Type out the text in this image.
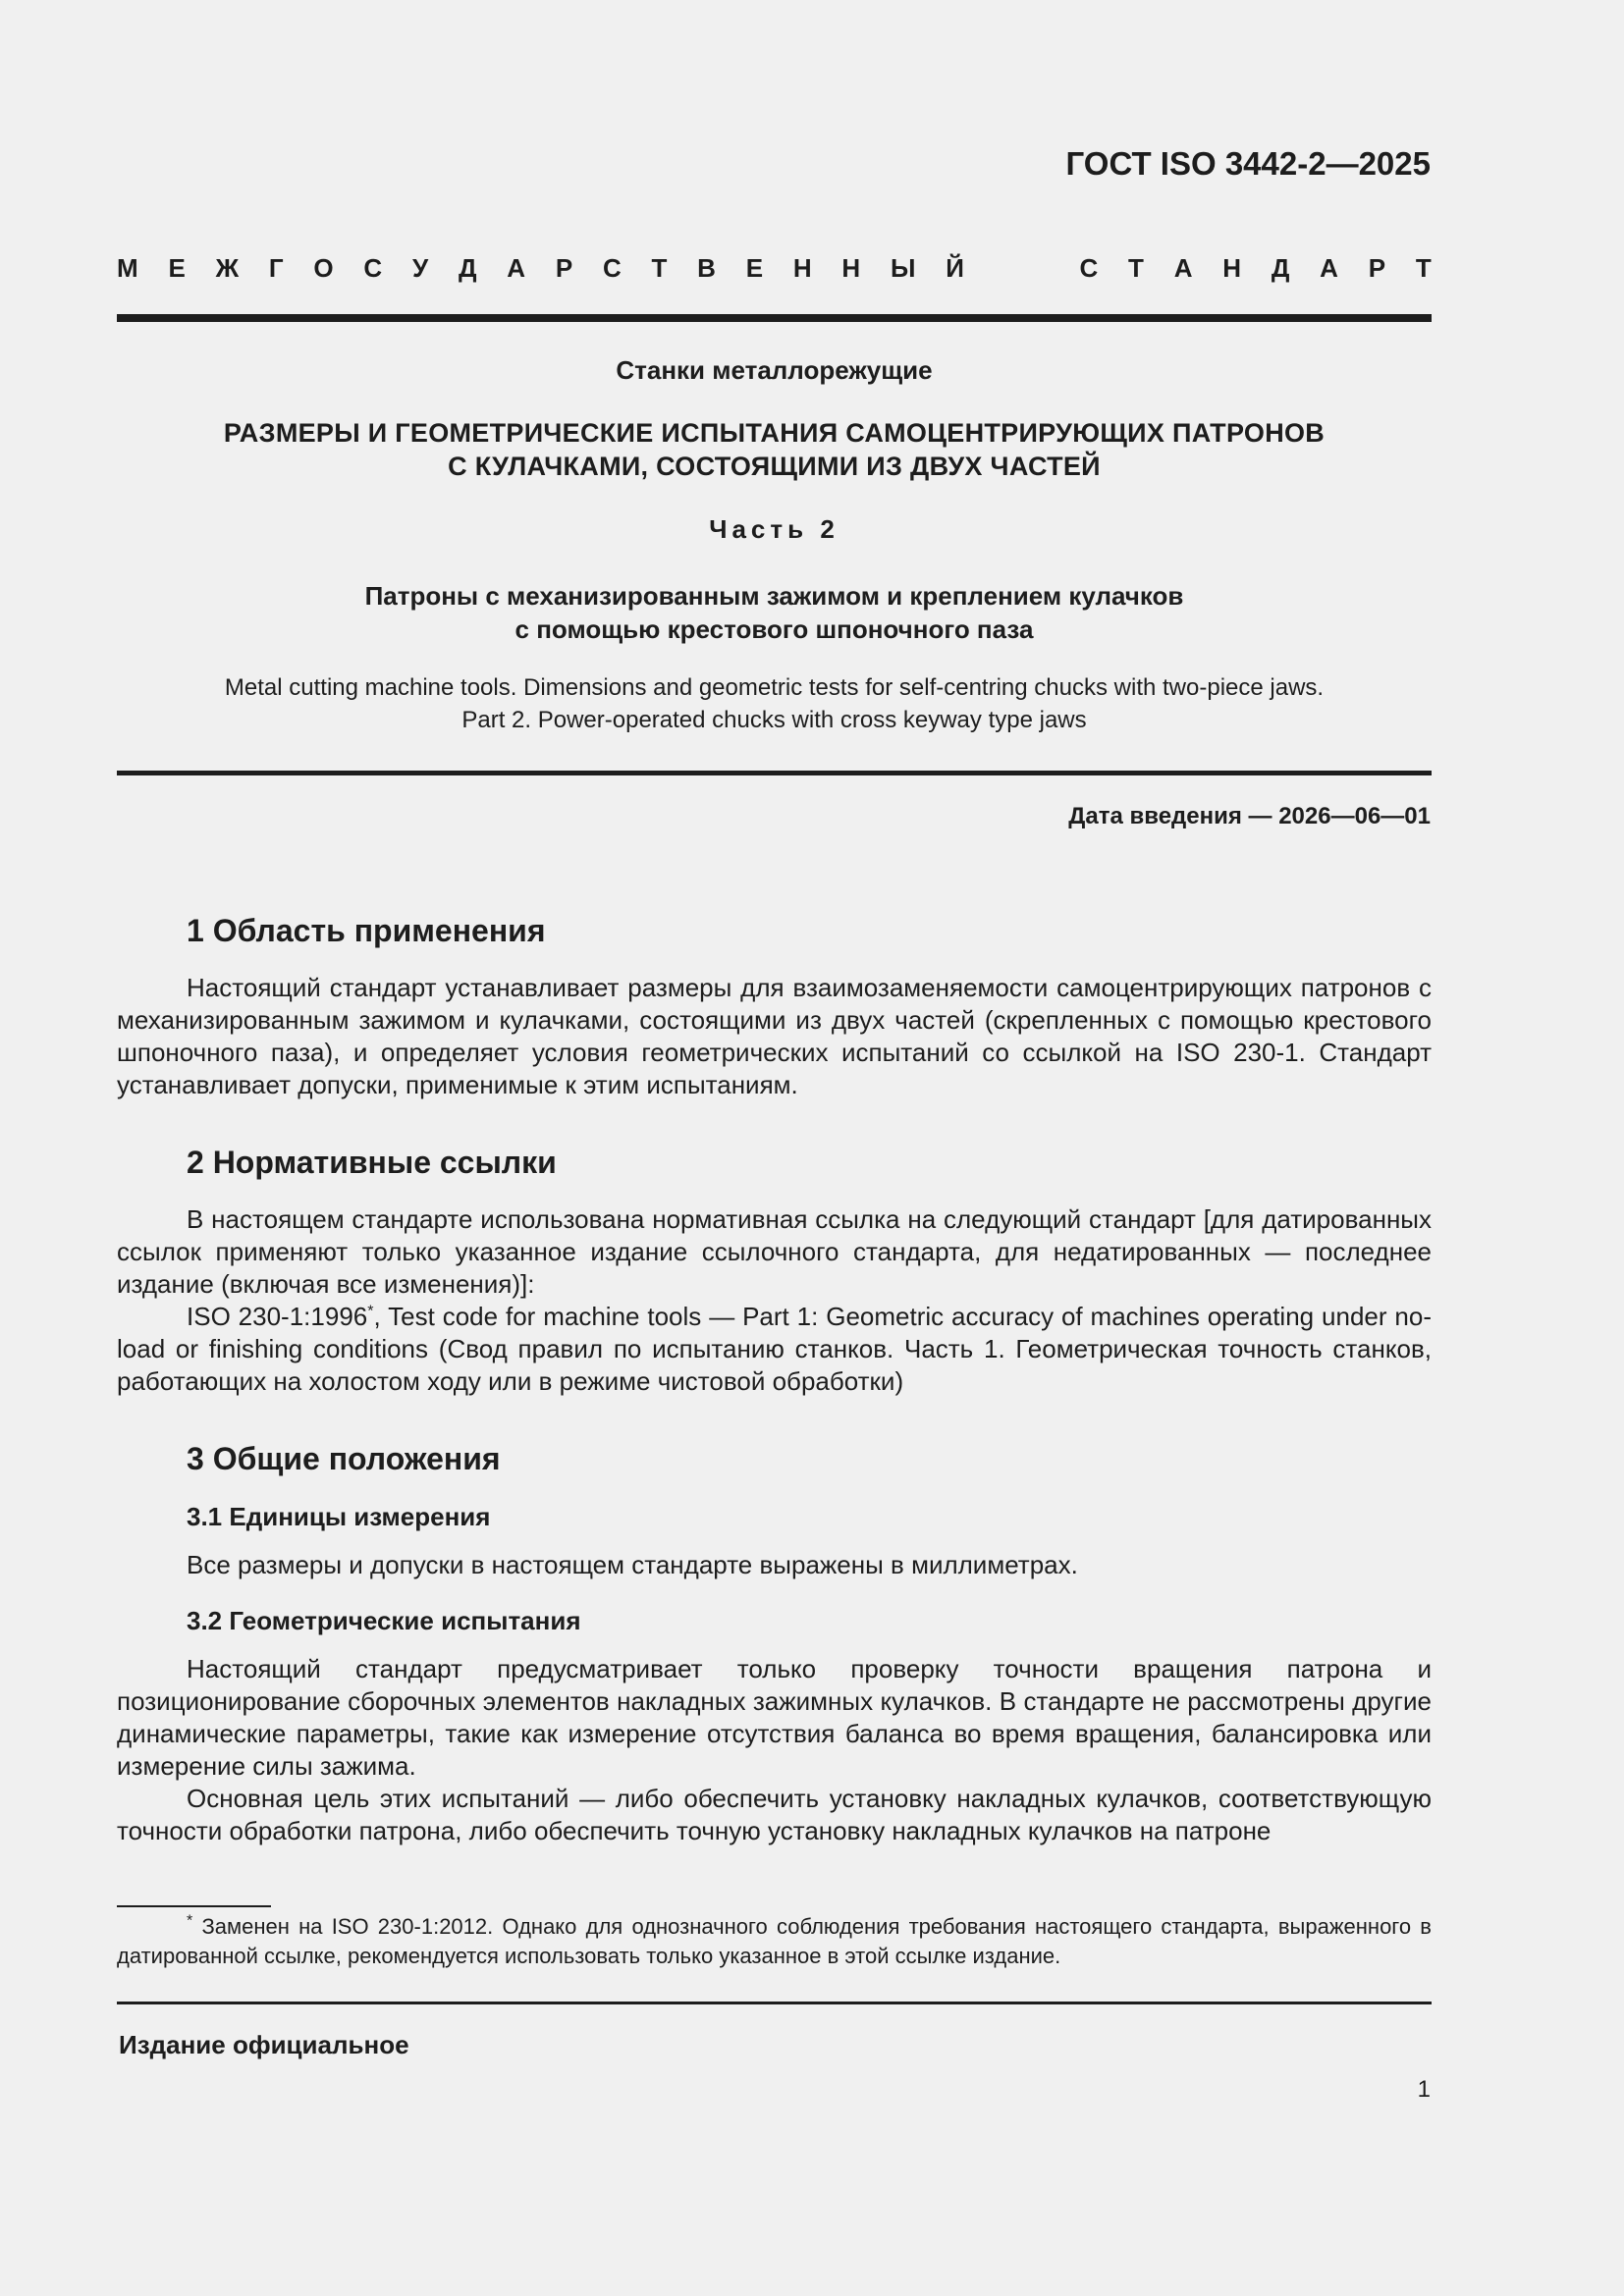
ГОСТ ISO 3442-2—2025
М Е Ж Г О С У Д А Р С Т В Е Н Н Ы Й	С Т А Н Д А Р Т
Станки металлорежущие
РАЗМЕРЫ И ГЕОМЕТРИЧЕСКИЕ ИСПЫТАНИЯ САМОЦЕНТРИРУЮЩИХ ПАТРОНОВ
С КУЛАЧКАМИ, СОСТОЯЩИМИ ИЗ ДВУХ ЧАСТЕЙ
Часть 2
Патроны с механизированным зажимом и креплением кулачков
с помощью крестового шпоночного паза
Metal cutting machine tools. Dimensions and geometric tests for self-centring chucks with two-piece jaws.
Part 2. Power-operated chucks with cross keyway type jaws
Дата введения — 2026—06—01
1 Область применения

Настоящий стандарт устанавливает размеры для взаимозаменяемости самоцентрирующих патронов с механизированным зажимом и кулачками, состоящими из двух частей (скрепленных с помощью крестового шпоночного паза), и определяет условия геометрических испытаний со ссылкой на ISO 230-1. Стандарт устанавливает допуски, применимые к этим испытаниям.

2 Нормативные ссылки

В настоящем стандарте использована нормативная ссылка на следующий стандарт [для датированных ссылок применяют только указанное издание ссылочного стандарта, для недатированных — последнее издание (включая все изменения)]:

ISO 230-1:1996*, Test code for machine tools — Part 1: Geometric accuracy of machines operating under no-load or finishing conditions (Свод правил по испытанию станков. Часть 1. Геометрическая точность станков, работающих на холостом ходу или в режиме чистовой обработки)

3 Общие положения
3.1 Единицы измерения

Все размеры и допуски в настоящем стандарте выражены в миллиметрах.

3.2 Геометрические испытания

Настоящий стандарт предусматривает только проверку точности вращения патрона и позиционирование сборочных элементов накладных зажимных кулачков. В стандарте не рассмотрены другие динамические параметры, такие как измерение отсутствия баланса во время вращения, балансировка или измерение силы зажима.

Основная цель этих испытаний — либо обеспечить установку накладных кулачков, соответствующую точности обработки патрона, либо обеспечить точную установку накладных кулачков на патроне

* Заменен на ISO 230-1:2012. Однако для однозначного соблюдения требования настоящего стандарта, выраженного в датированной ссылке, рекомендуется использовать только указанное в этой ссылке издание.

Издание официальное
1
